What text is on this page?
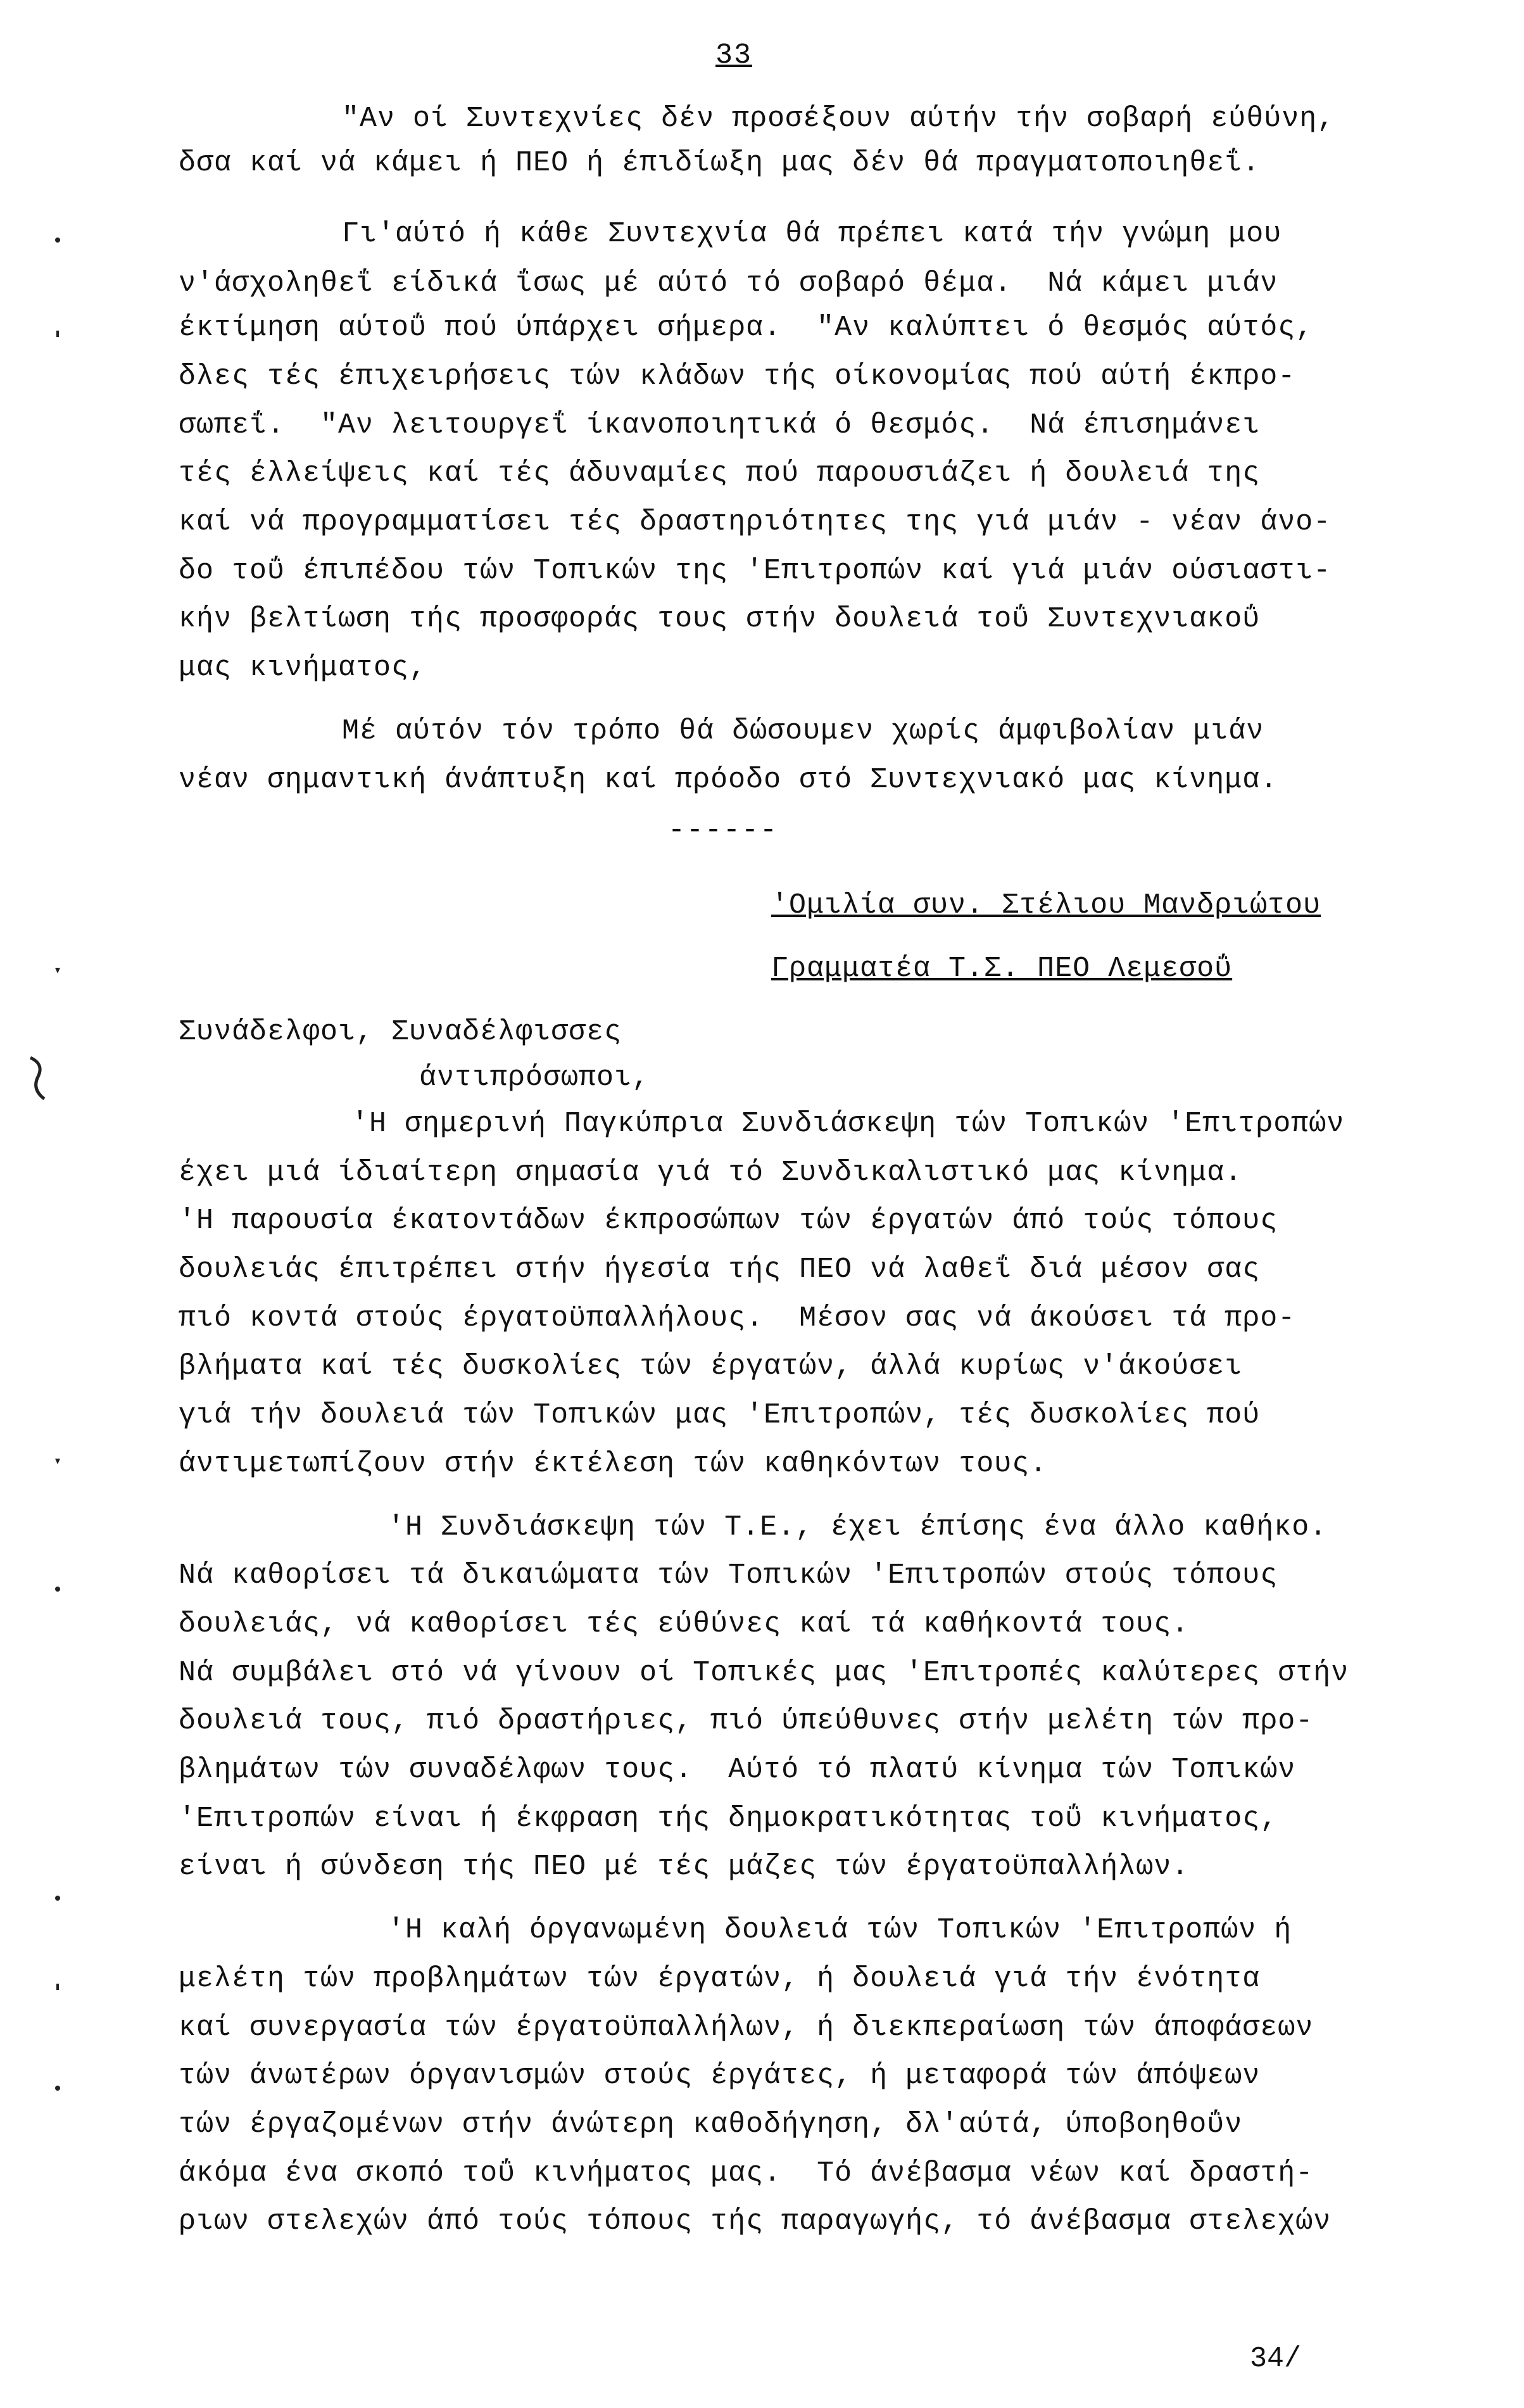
33
"Αν οί Συντεχνίες δέν προσέξουν αύτήν τήν σοβαρή εύθύνη,
δσα καί νά κάμει ή ΠΕΟ ή έπιδίωξη μας δέν θά πραγματοποιηθεΐ.
Γι'αύτό ή κάθε Συντεχνία θά πρέπει κατά τήν γνώμη μου
ν'άσχοληθεΐ είδικά ΐσως μέ αύτό τό σοβαρό θέμα.  Νά κάμει μιάν
έκτίμηση αύτοΰ πού ύπάρχει σήμερα.  "Αν καλύπτει ό θεσμός αύτός,
δλες τές έπιχειρήσεις τών κλάδων τής οίκονομίας πού αύτή έκπρο-
σωπεΐ.  "Αν λειτουργεΐ ίκανοποιητικά ό θεσμός.  Νά έπισημάνει
τές έλλείψεις καί τές άδυναμίες πού παρουσιάζει ή δουλειά της
καί νά προγραμματίσει τές δραστηριότητες της γιά μιάν - νέαν άνο-
δο τοΰ έπιπέδου τών Τοπικών της 'Επιτροπών καί γιά μιάν ούσιαστι-
κήν βελτίωση τής προσφοράς τους στήν δουλειά τοΰ Συντεχνιακοΰ
μας κινήματος,
Μέ αύτόν τόν τρόπο θά δώσουμεν χωρίς άμφιβολίαν μιάν
νέαν σημαντική άνάπτυξη καί πρόοδο στό Συντεχνιακό μας κίνημα.
------
'Ομιλία συν. Στέλιου Μανδριώτου
Γραμματέα Τ.Σ. ΠΕΟ Λεμεσοΰ
Συνάδελφοι, Συναδέλφισσες
άντιπρόσωποι,
'Η σημερινή Παγκύπρια Συνδιάσκεψη τών Τοπικών 'Επιτροπών
έχει μιά ίδιαίτερη σημασία γιά τό Συνδικαλιστικό μας κίνημα.
'Η παρουσία έκατοντάδων έκπροσώπων τών έργατών άπό τούς τόπους
δουλειάς έπιτρέπει στήν ήγεσία τής ΠΕΟ νά λαθεΐ διά μέσον σας
πιό κοντά στούς έργατοϋπαλλήλους.  Μέσον σας νά άκούσει τά προ-
βλήματα καί τές δυσκολίες τών έργατών, άλλά κυρίως ν'άκούσει
γιά τήν δουλειά τών Τοπικών μας 'Επιτροπών, τές δυσκολίες πού
άντιμετωπίζουν στήν έκτέλεση τών καθηκόντων τους.
'Η Συνδιάσκεψη τών Τ.Ε., έχει έπίσης ένα άλλο καθήκο.
Νά καθορίσει τά δικαιώματα τών Τοπικών 'Επιτροπών στούς τόπους
δουλειάς, νά καθορίσει τές εύθύνες καί τά καθήκοντά τους.
Νά συμβάλει στό νά γίνουν οί Τοπικές μας 'Επιτροπές καλύτερες στήν
δουλειά τους, πιό δραστήριες, πιό ύπεύθυνες στήν μελέτη τών προ-
βλημάτων τών συναδέλφων τους.  Αύτό τό πλατύ κίνημα τών Τοπικών
'Επιτροπών είναι ή έκφραση τής δημοκρατικότητας τοΰ κινήματος,
είναι ή σύνδεση τής ΠΕΟ μέ τές μάζες τών έργατοϋπαλλήλων.
'Η καλή όργανωμένη δουλειά τών Τοπικών 'Επιτροπών ή
μελέτη τών προβλημάτων τών έργατών, ή δουλειά γιά τήν ένότητα
καί συνεργασία τών έργατοϋπαλλήλων, ή διεκπεραίωση τών άποφάσεων
τών άνωτέρων όργανισμών στούς έργάτες, ή μεταφορά τών άπόψεων
τών έργαζομένων στήν άνώτερη καθοδήγηση, δλ'αύτά, ύποβοηθοΰν
άκόμα ένα σκοπό τοΰ κινήματος μας.  Τό άνέβασμα νέων καί δραστή-
ριων στελεχών άπό τούς τόπους τής παραγωγής, τό άνέβασμα στελεχών
34/
